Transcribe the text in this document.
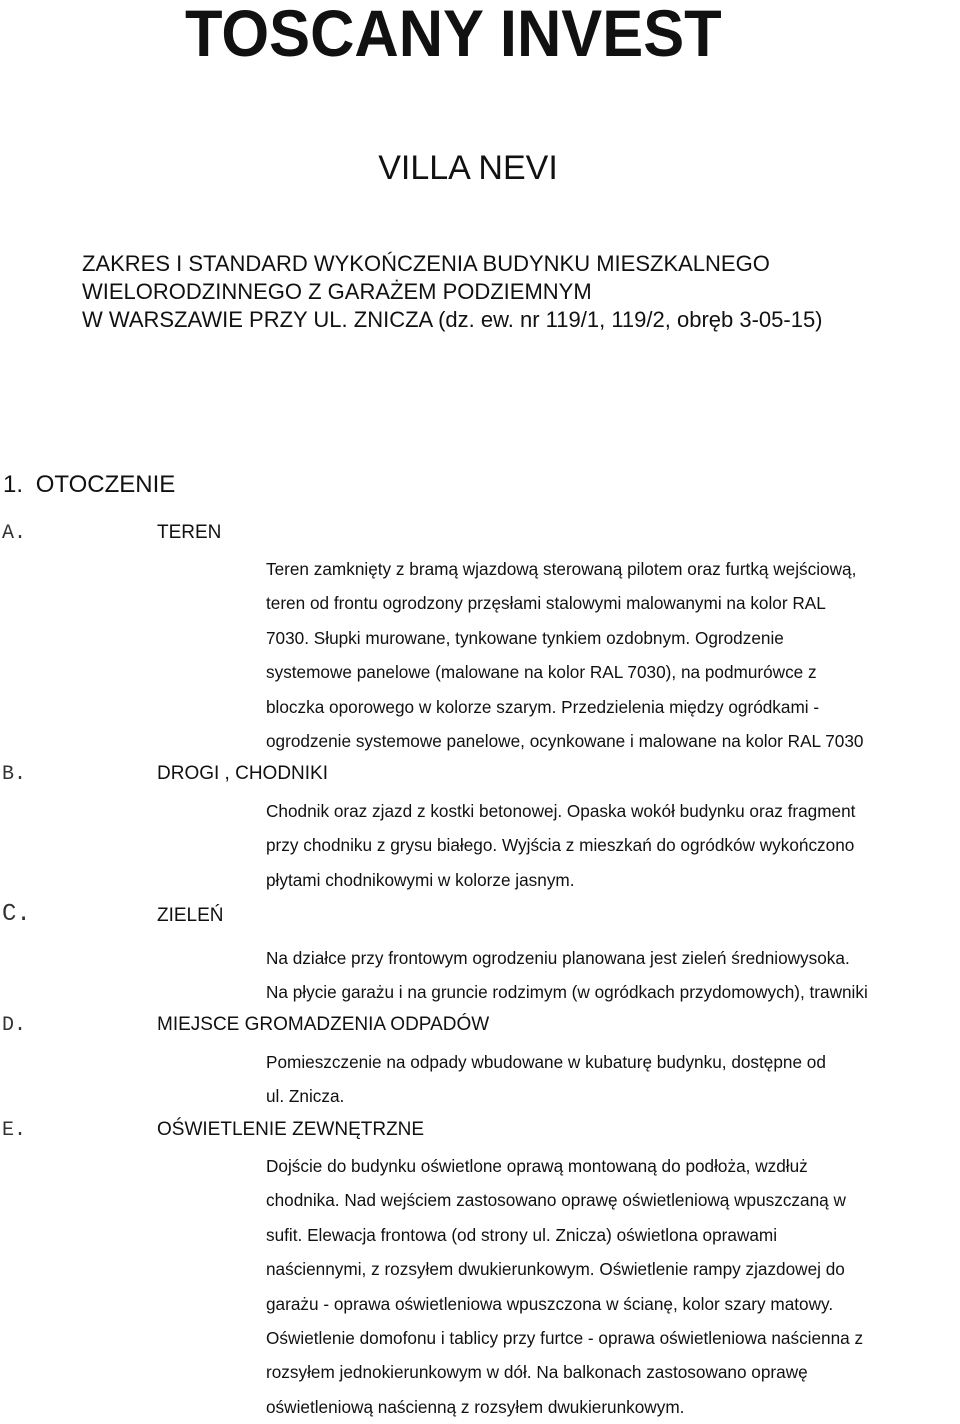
TOSCANY INVEST
VILLA NEVI
ZAKRES I STANDARD WYKOŃCZENIA BUDYNKU MIESZKALNEGO
WIELORODZINNEGO Z GARAŻEM PODZIEMNYM
W WARSZAWIE PRZY UL. ZNICZA (dz. ew. nr 119/1, 119/2, obręb 3-05-15)
1. OTOCZENIE
A.	TEREN
Teren zamknięty z bramą wjazdową sterowaną pilotem oraz furtką wejściową,
teren od frontu ogrodzony przęsłami stalowymi malowanymi na kolor RAL
7030. Słupki murowane, tynkowane tynkiem ozdobnym. Ogrodzenie
systemowe panelowe (malowane na kolor RAL 7030), na podmurówce z
bloczka oporowego w kolorze szarym. Przedzielenia między ogródkami -
ogrodzenie systemowe panelowe, ocynkowane i malowane na kolor RAL 7030
B.	DROGI , CHODNIKI
Chodnik oraz zjazd z kostki betonowej. Opaska wokół budynku oraz fragment
przy chodniku z grysu białego. Wyjścia z mieszkań do ogródków wykończono
płytami chodnikowymi w kolorze jasnym.
C.	ZIELEŃ
Na działce przy frontowym ogrodzeniu planowana jest zieleń średniowysoka.
Na płycie garażu i na gruncie rodzimym (w ogródkach przydomowych), trawniki
D.	MIEJSCE GROMADZENIA ODPADÓW
Pomieszczenie na odpady wbudowane w kubaturę budynku, dostępne od
ul. Znicza.
E.	OŚWIETLENIE ZEWNĘTRZNE
Dojście do budynku oświetlone oprawą montowaną do podłoża, wzdłuż
chodnika. Nad wejściem zastosowano oprawę oświetleniową wpuszczaną w
sufit. Elewacja frontowa (od strony ul. Znicza) oświetlona oprawami
naściennymi, z rozsyłem dwukierunkowym. Oświetlenie rampy zjazdowej do
garażu - oprawa oświetleniowa wpuszczona w ścianę, kolor szary matowy.
Oświetlenie domofonu i tablicy przy furtce - oprawa oświetleniowa naścienna z
rozsyłem jednokierunkowym w dół. Na balkonach zastosowano oprawę
oświetleniową naścienną z rozsyłem dwukierunkowym.
